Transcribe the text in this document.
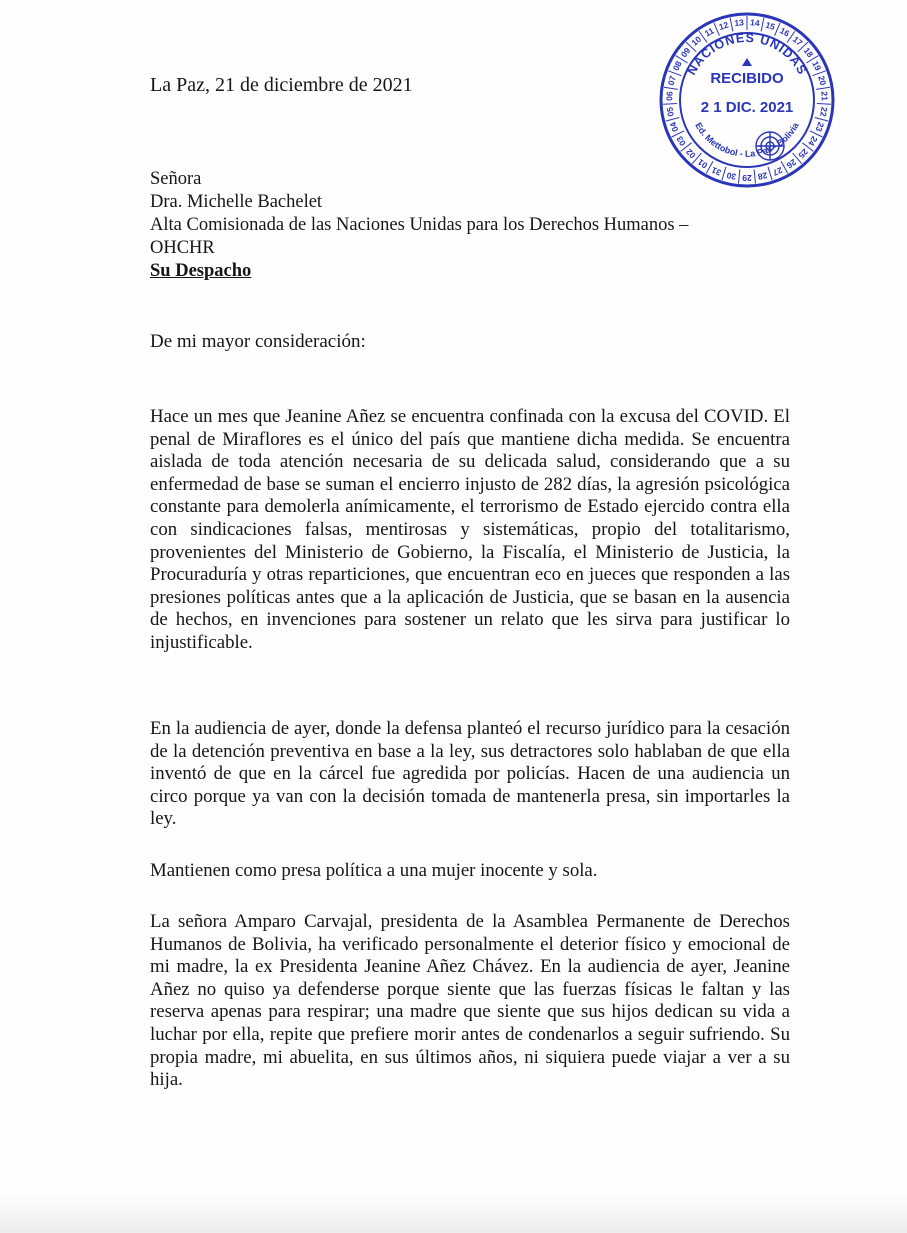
La Paz, 21 de diciembre de 2021
Señora
Dra. Michelle Bachelet
Alta Comisionada de las Naciones Unidas para los Derechos Humanos –
OHCHR
Su Despacho
De mi mayor consideración:
Hace un mes que Jeanine Añez se encuentra confinada con la excusa del COVID. El penal de Miraflores es el único del país que mantiene dicha medida. Se encuentra aislada de toda atención necesaria de su delicada salud, considerando que a su enfermedad de base se suman el encierro injusto de 282 días, la agresión psicológica constante para demolerla anímicamente, el terrorismo de Estado ejercido contra ella con sindicaciones falsas, mentirosas y sistemáticas, propio del totalitarismo, provenientes del Ministerio de Gobierno, la Fiscalía, el Ministerio de Justicia, la Procuraduría y otras reparticiones, que encuentran eco en jueces que responden a las presiones políticas antes que a la aplicación de Justicia, que se basan en la ausencia de hechos, en invenciones para sostener un relato que les sirva para justificar lo injustificable.
En la audiencia de ayer, donde la defensa planteó el recurso jurídico para la cesación de la detención preventiva en base a la ley, sus detractores solo hablaban de que ella inventó de que en la cárcel fue agredida por policías. Hacen de una audiencia un circo porque ya van con la decisión tomada de mantenerla presa, sin importarles la ley.
Mantienen como presa política a una mujer inocente y sola.
La señora Amparo Carvajal, presidenta de la Asamblea Permanente de Derechos Humanos de Bolivia, ha verificado personalmente el deterior físico y emocional de mi madre, la ex Presidenta Jeanine Añez Chávez. En la audiencia de ayer, Jeanine Añez no quiso ya defenderse porque siente que las fuerzas físicas le faltan y las reserva apenas para respirar; una madre que siente que sus hijos dedican su vida a luchar por ella, repite que prefiere morir antes de condenarlos a seguir sufriendo. Su propia madre, mi abuelita, en sus últimos años, ni siquiera puede viajar a ver a su hija.
14 15 16
17
18
19
20
21
22
23
24
25
26
27
28
29
30
31
01
02
03
04
05
06
07
08
09
10
11 12 13
NACIONES UNIDAS
Ed. Mettobol - La Paz - Bolivia
RECIBIDO
2 1 DIC. 2021
